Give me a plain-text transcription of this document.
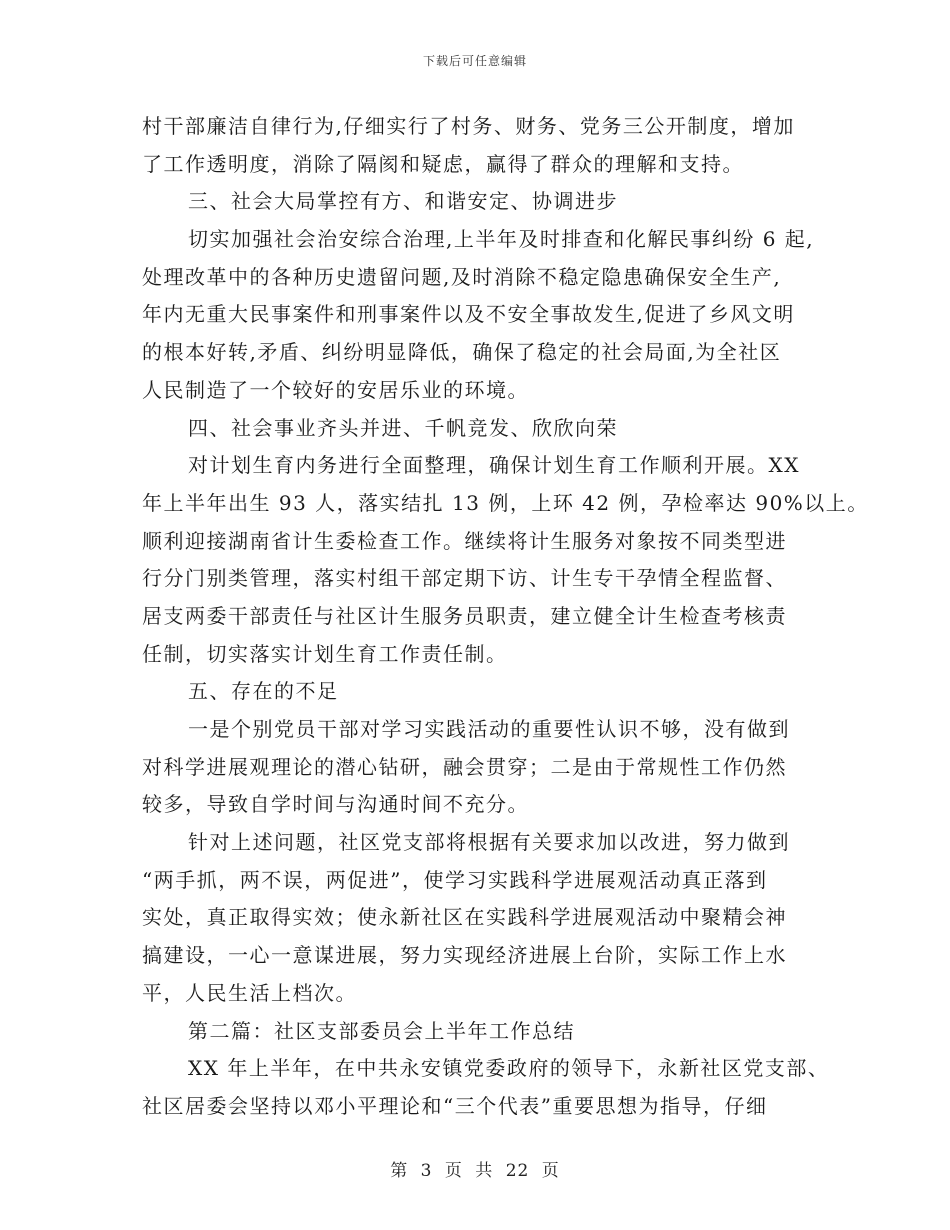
下载后可任意编辑
村干部廉洁自律行为,仔细实行了村务、财务、党务三公开制度，增加
了工作透明度，消除了隔阂和疑虑，赢得了群众的理解和支持。
三、社会大局掌控有方、和谐安定、协调进步
切实加强社会治安综合治理,上半年及时排查和化解民事纠纷 6 起,
处理改革中的各种历史遗留问题,及时消除不稳定隐患确保安全生产,
年内无重大民事案件和刑事案件以及不安全事故发生,促进了乡风文明
的根本好转,矛盾、纠纷明显降低，确保了稳定的社会局面,为全社区
人民制造了一个较好的安居乐业的环境。
四、社会事业齐头并进、千帆竞发、欣欣向荣
对计划生育内务进行全面整理，确保计划生育工作顺利开展。XX
年上半年出生 93 人，落实结扎 13 例，上环 42 例，孕检率达 90%以上。
顺利迎接湖南省计生委检查工作。继续将计生服务对象按不同类型进
行分门别类管理，落实村组干部定期下访、计生专干孕情全程监督、
居支两委干部责任与社区计生服务员职责，建立健全计生检查考核责
任制，切实落实计划生育工作责任制。
五、存在的不足
一是个别党员干部对学习实践活动的重要性认识不够，没有做到
对科学进展观理论的潜心钻研，融会贯穿；二是由于常规性工作仍然
较多，导致自学时间与沟通时间不充分。
针对上述问题，社区党支部将根据有关要求加以改进，努力做到
“两手抓，两不误，两促进”，使学习实践科学进展观活动真正落到
实处，真正取得实效；使永新社区在实践科学进展观活动中聚精会神
搞建设，一心一意谋进展，努力实现经济进展上台阶，实际工作上水
平，人民生活上档次。
第二篇：社区支部委员会上半年工作总结
XX 年上半年，在中共永安镇党委政府的领导下，永新社区党支部、
社区居委会坚持以邓小平理论和“三个代表”重要思想为指导，仔细
第 3 页 共 22 页
